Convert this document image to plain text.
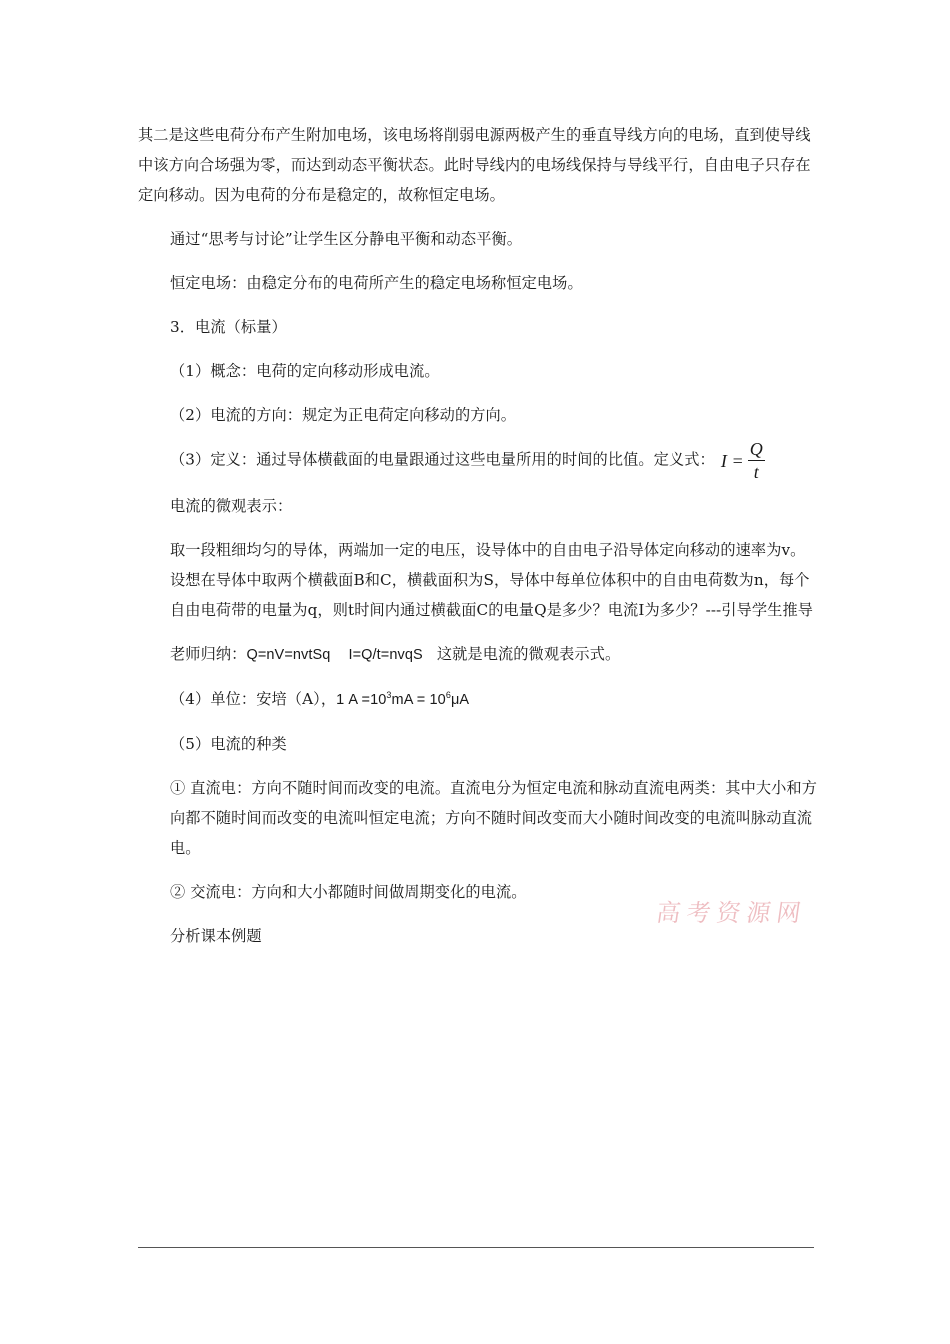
其二是这些电荷分布产生附加电场，该电场将削弱电源两极产生的垂直导线方向的电场，直到使导线中该方向合场强为零，而达到动态平衡状态。此时导线内的电场线保持与导线平行，自由电子只存在定向移动。因为电荷的分布是稳定的，故称恒定电场。

通过“思考与讨论”让学生区分静电平衡和动态平衡。

恒定电场：由稳定分布的电荷所产生的稳定电场称恒定电场。

3．电流（标量）

（1）概念：电荷的定向移动形成电流。

（2）电流的方向：规定为正电荷定向移动的方向。

（3）定义：通过导体横截面的电量跟通过这些电量所用的时间的比值。定义式： $I = \frac{Q}{t}$

电流的微观表示：

取一段粗细均匀的导体，两端加一定的电压，设导体中的自由电子沿导体定向移动的速率为v。设想在导体中取两个横截面B和C，横截面积为S，导体中每单位体积中的自由电荷数为n，每个自由电荷带的电量为q，则t时间内通过横截面C的电量Q是多少？电流I为多少？---引导学生推导

老师归纳：Q=nV=nvtSq I=Q/t=nvqS 这就是电流的微观表示式。

（4）单位：安培（A），1 $A =10^3mA = 10^6\mu A$

（5）电流的种类

① 直流电：方向不随时间而改变的电流。直流电分为恒定电流和脉动直流电两类：其中大小和方向都不随时间而改变的电流叫恒定电流；方向不随时间改变而大小随时间改变的电流叫脉动直流电。

② 交流电：方向和大小都随时间做周期变化的电流。

分析课本例题

高考资源网
